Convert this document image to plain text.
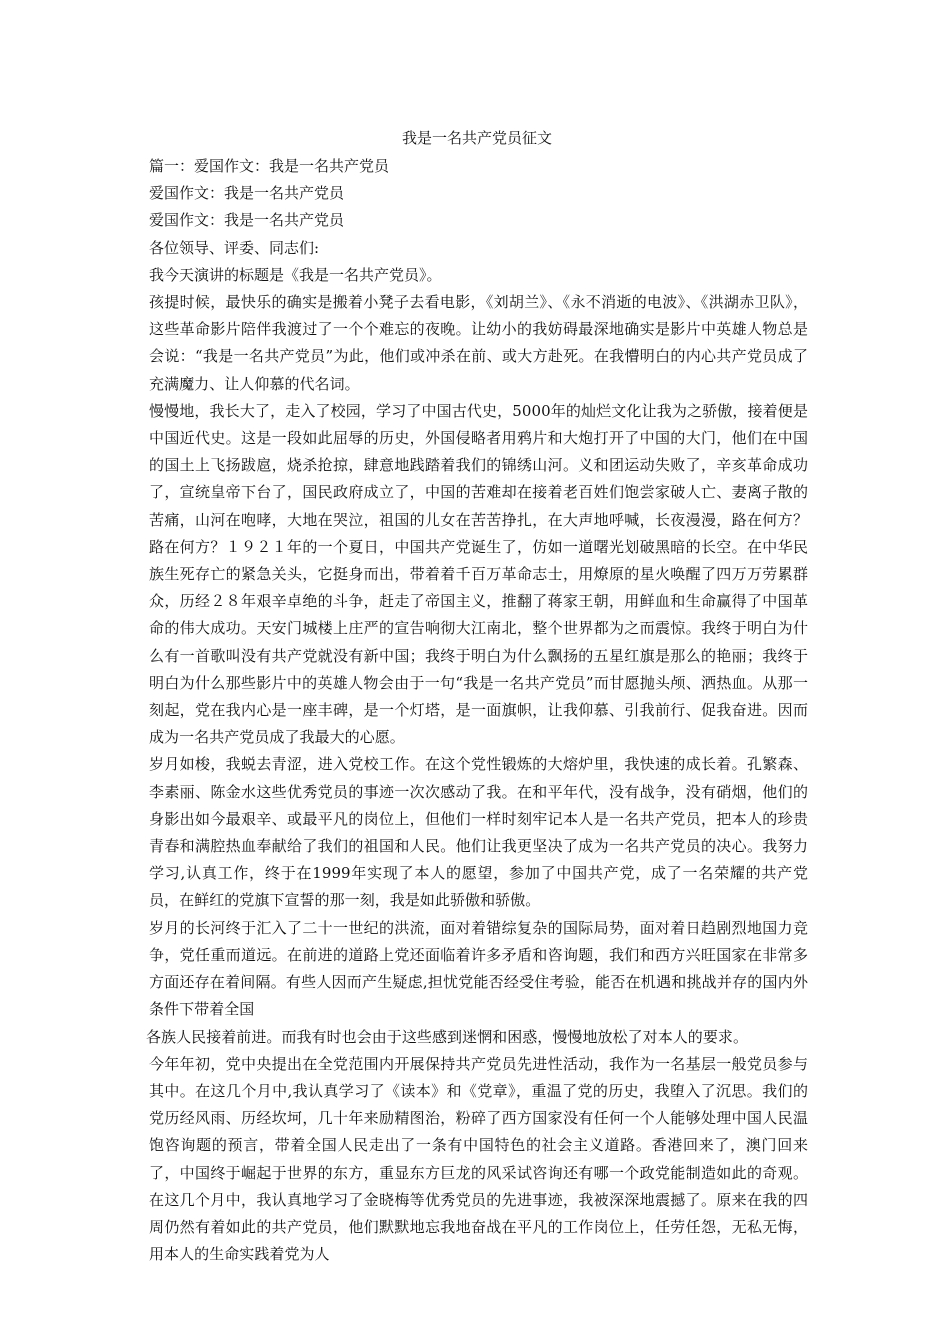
我是一名共产党员征文

篇一：爱国作文：我是一名共产党员

爱国作文：我是一名共产党员

爱国作文：我是一名共产党员

各位领导、评委、同志们:

我今天演讲的标题是《我是一名共产党员》。

孩提时候，最快乐的确实是搬着小凳子去看电影，《刘胡兰》、《永不消逝的电波》、《洪湖赤卫队》，这些革命影片陪伴我渡过了一个个难忘的夜晚。让幼小的我妨碍最深地确实是影片中英雄人物总是会说：“我是一名共产党员”为此，他们或冲杀在前、或大方赴死。在我懵明白的内心共产党员成了充满魔力、让人仰慕的代名词。

慢慢地，我长大了，走入了校园，学习了中国古代史，5000年的灿烂文化让我为之骄傲，接着便是中国近代史。这是一段如此屈辱的历史，外国侵略者用鸦片和大炮打开了中国的大门，他们在中国的国土上飞扬跋扈，烧杀抢掠，肆意地践踏着我们的锦绣山河。义和团运动失败了，辛亥革命成功了，宣统皇帝下台了，国民政府成立了，中国的苦难却在接着老百姓们饱尝家破人亡、妻离子散的苦痛，山河在咆哮，大地在哭泣，祖国的儿女在苦苦挣扎，在大声地呼喊，长夜漫漫，路在何方？路在何方？１９２１年的一个夏日，中国共产党诞生了，仿如一道曙光划破黑暗的长空。在中华民族生死存亡的紧急关头，它挺身而出，带着着千百万革命志士，用燎原的星火唤醒了四万万劳累群众，历经２８年艰辛卓绝的斗争，赶走了帝国主义，推翻了蒋家王朝，用鲜血和生命赢得了中国革命的伟大成功。天安门城楼上庄严的宣告响彻大江南北，整个世界都为之而震惊。我终于明白为什么有一首歌叫没有共产党就没有新中国；我终于明白为什么飘扬的五星红旗是那么的艳丽；我终于明白为什么那些影片中的英雄人物会由于一句“我是一名共产党员”而甘愿抛头颅、洒热血。从那一刻起，党在我内心是一座丰碑，是一个灯塔，是一面旗帜，让我仰慕、引我前行、促我奋进。因而成为一名共产党员成了我最大的心愿。

岁月如梭，我蜕去青涩，进入党校工作。在这个党性锻炼的大熔炉里，我快速的成长着。孔繁森、李素丽、陈金水这些优秀党员的事迹一次次感动了我。在和平年代，没有战争，没有硝烟，他们的身影出如今最艰辛、或最平凡的岗位上，但他们一样时刻牢记本人是一名共产党员，把本人的珍贵青春和满腔热血奉献给了我们的祖国和人民。他们让我更坚决了成为一名共产党员的决心。我努力学习,认真工作，终于在1999年实现了本人的愿望，参加了中国共产党，成了一名荣耀的共产党员，在鲜红的党旗下宣誓的那一刻，我是如此骄傲和骄傲。

岁月的长河终于汇入了二十一世纪的洪流，面对着错综复杂的国际局势，面对着日趋剧烈地国力竞争，党任重而道远。在前进的道路上党还面临着许多矛盾和咨询题，我们和西方兴旺国家在非常多方面还存在着间隔。有些人因而产生疑虑,担忧党能否经受住考验，能否在机遇和挑战并存的国内外条件下带着全国

各族人民接着前进。而我有时也会由于这些感到迷惘和困惑，慢慢地放松了对本人的要求。

今年年初，党中央提出在全党范围内开展保持共产党员先进性活动，我作为一名基层一般党员参与其中。在这几个月中,我认真学习了《读本》和《党章》，重温了党的历史，我堕入了沉思。我们的党历经风雨、历经坎坷，几十年来励精图治，粉碎了西方国家没有任何一个人能够处理中国人民温饱咨询题的预言，带着全国人民走出了一条有中国特色的社会主义道路。香港回来了，澳门回来了，中国终于崛起于世界的东方，重显东方巨龙的风采试咨询还有哪一个政党能制造如此的奇观。在这几个月中，我认真地学习了金晓梅等优秀党员的先进事迹，我被深深地震撼了。原来在我的四周仍然有着如此的共产党员，他们默默地忘我地奋战在平凡的工作岗位上，任劳任怨，无私无悔，用本人的生命实践着党为人
